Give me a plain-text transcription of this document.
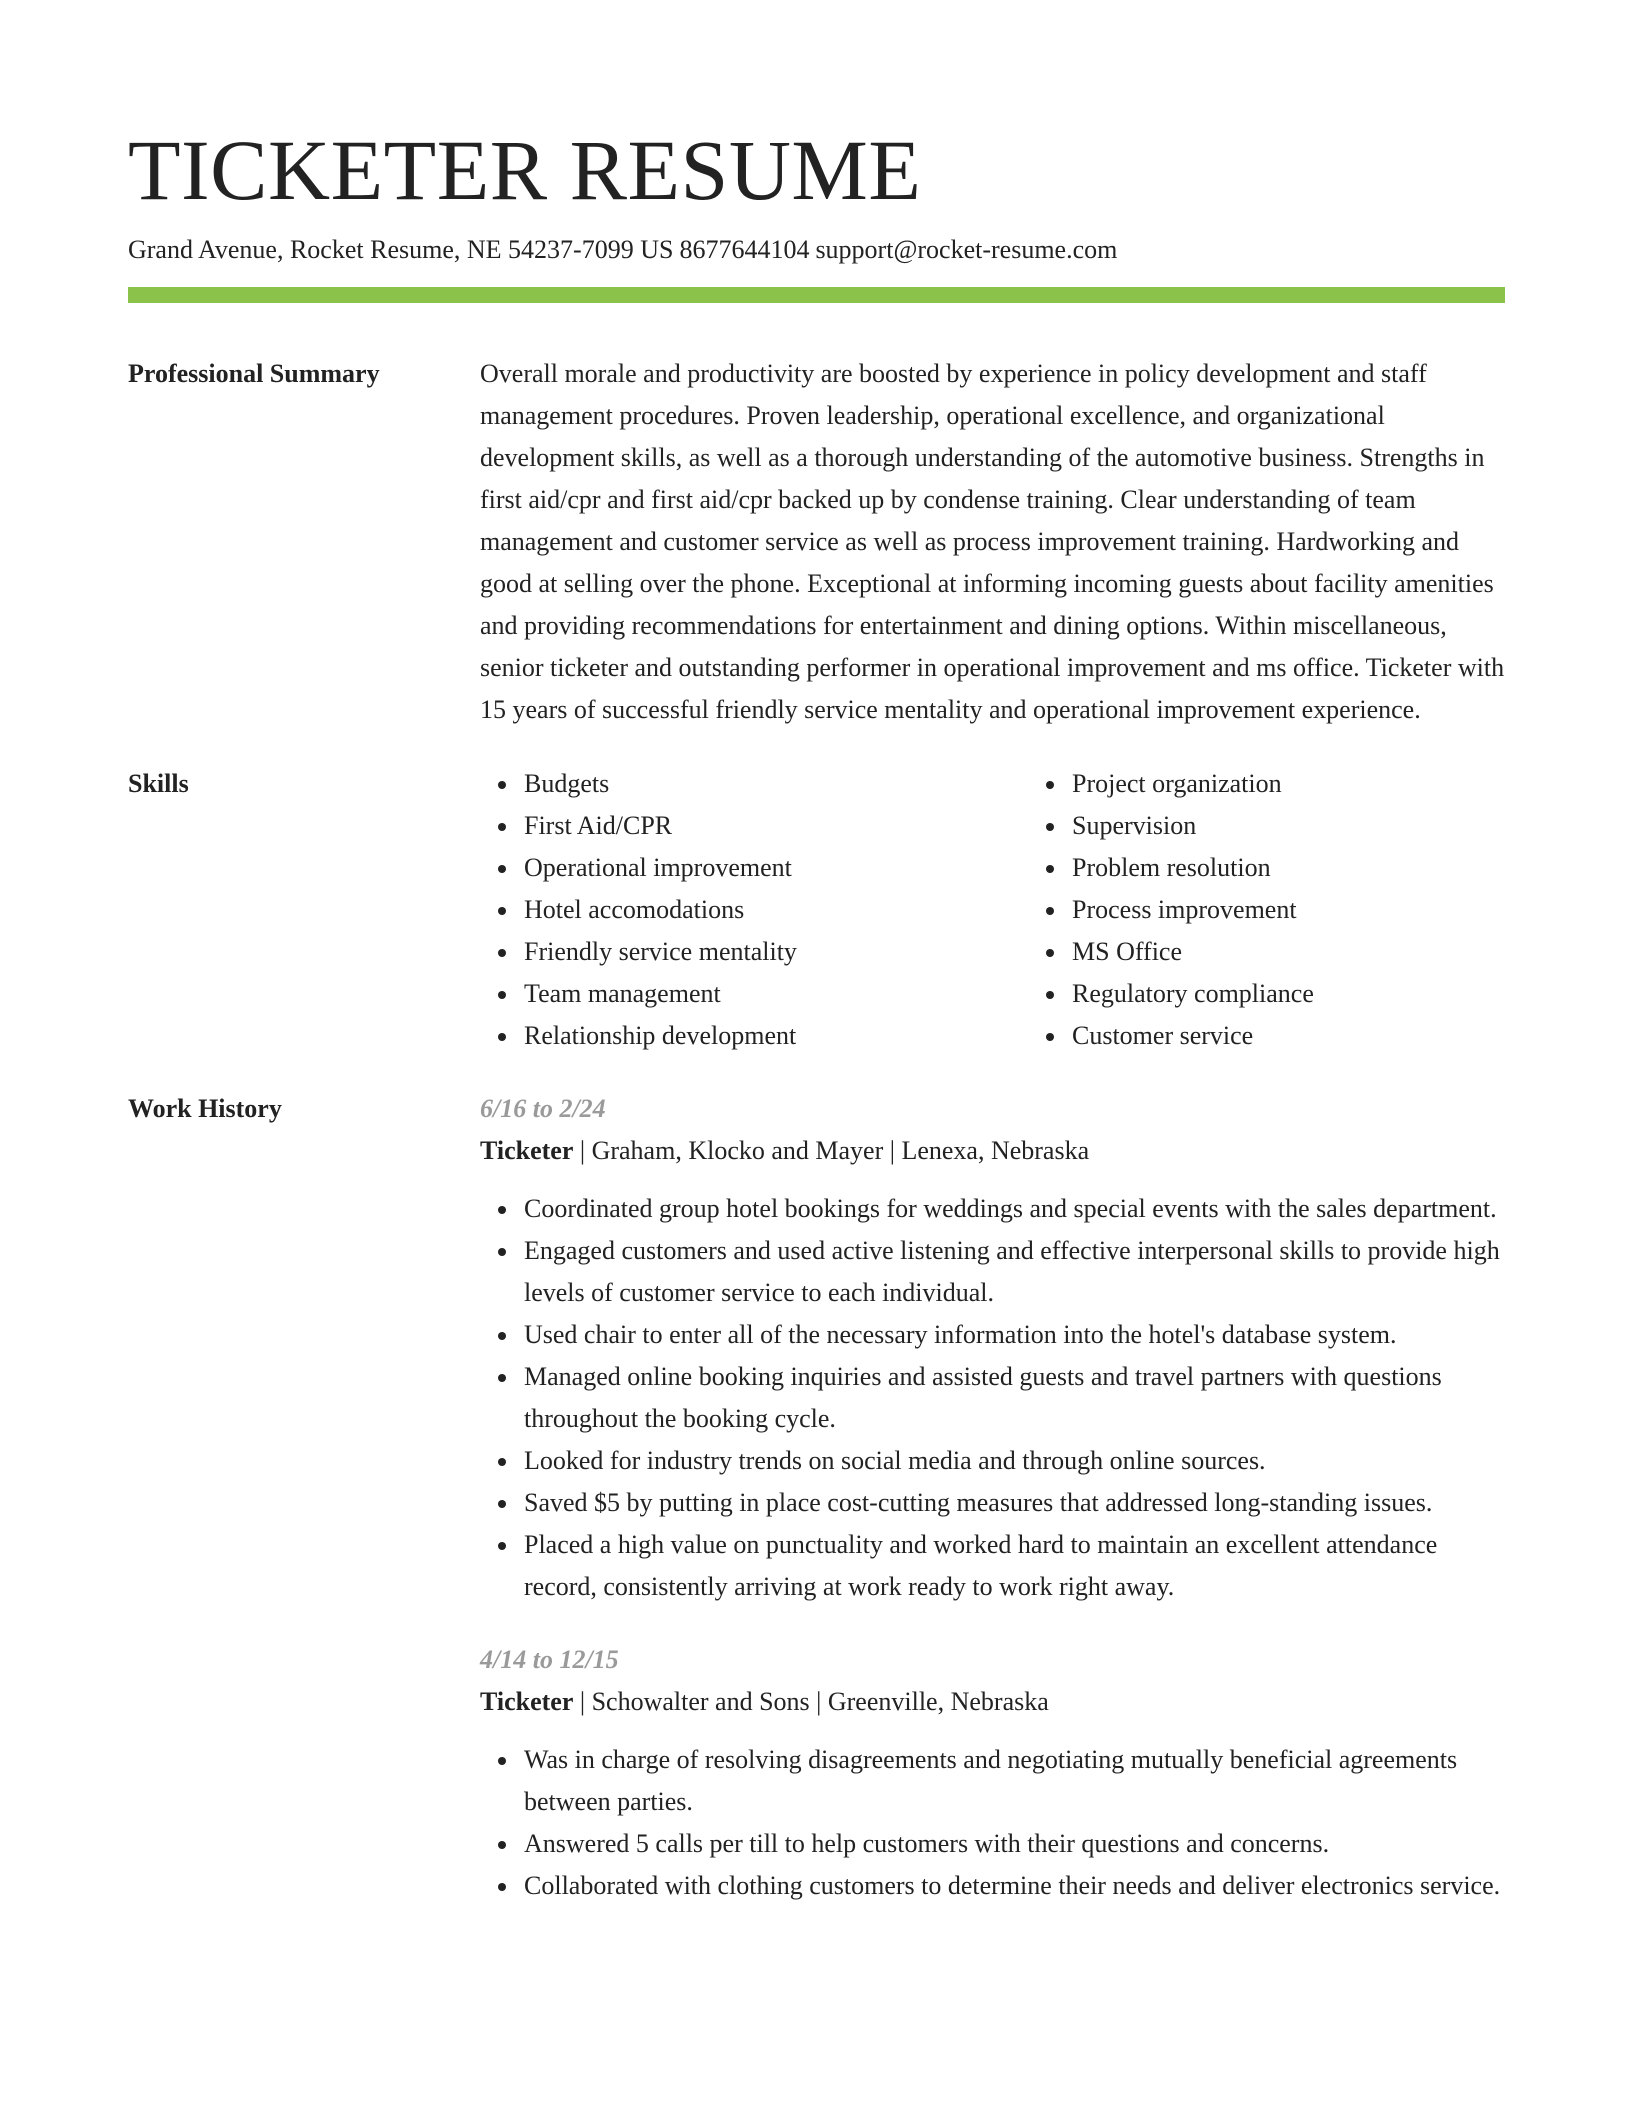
TICKETER RESUME
Grand Avenue, Rocket Resume, NE 54237-7099 US 8677644104 support@rocket-resume.com
Professional Summary	Overall morale and productivity are boosted by experience in policy development and staff management procedures. Proven leadership, operational excellence, and organizational development skills, as well as a thorough understanding of the automotive business. Strengths in first aid/cpr and first aid/cpr backed up by condense training. Clear understanding of team management and customer service as well as process improvement training. Hardworking and good at selling over the phone. Exceptional at informing incoming guests about facility amenities and providing recommendations for entertainment and dining options. Within miscellaneous, senior ticketer and outstanding performer in operational improvement and ms office. Ticketer with 15 years of successful friendly service mentality and operational improvement experience.

Skills	Budgets
First Aid/CPR
Operational improvement
Hotel accomodations
Friendly service mentality
Team management
Relationship development
Project organization
Supervision
Problem resolution
Process improvement
MS Office
Regulatory compliance
Customer service
Work History	6/16 to 2/24
Ticketer | Graham, Klocko and Mayer | Lenexa, Nebraska
Coordinated group hotel bookings for weddings and special events with the sales department.
Engaged customers and used active listening and effective interpersonal skills to provide high levels of customer service to each individual.
Used chair to enter all of the necessary information into the hotel's database system.
Managed online booking inquiries and assisted guests and travel partners with questions throughout the booking cycle.
Looked for industry trends on social media and through online sources.
Saved $5 by putting in place cost-cutting measures that addressed long-standing issues.
Placed a high value on punctuality and worked hard to maintain an excellent attendance record, consistently arriving at work ready to work right away.
4/14 to 12/15
Ticketer | Schowalter and Sons | Greenville, Nebraska
Was in charge of resolving disagreements and negotiating mutually beneficial agreements between parties.
Answered 5 calls per till to help customers with their questions and concerns.
Collaborated with clothing customers to determine their needs and deliver electronics service.
